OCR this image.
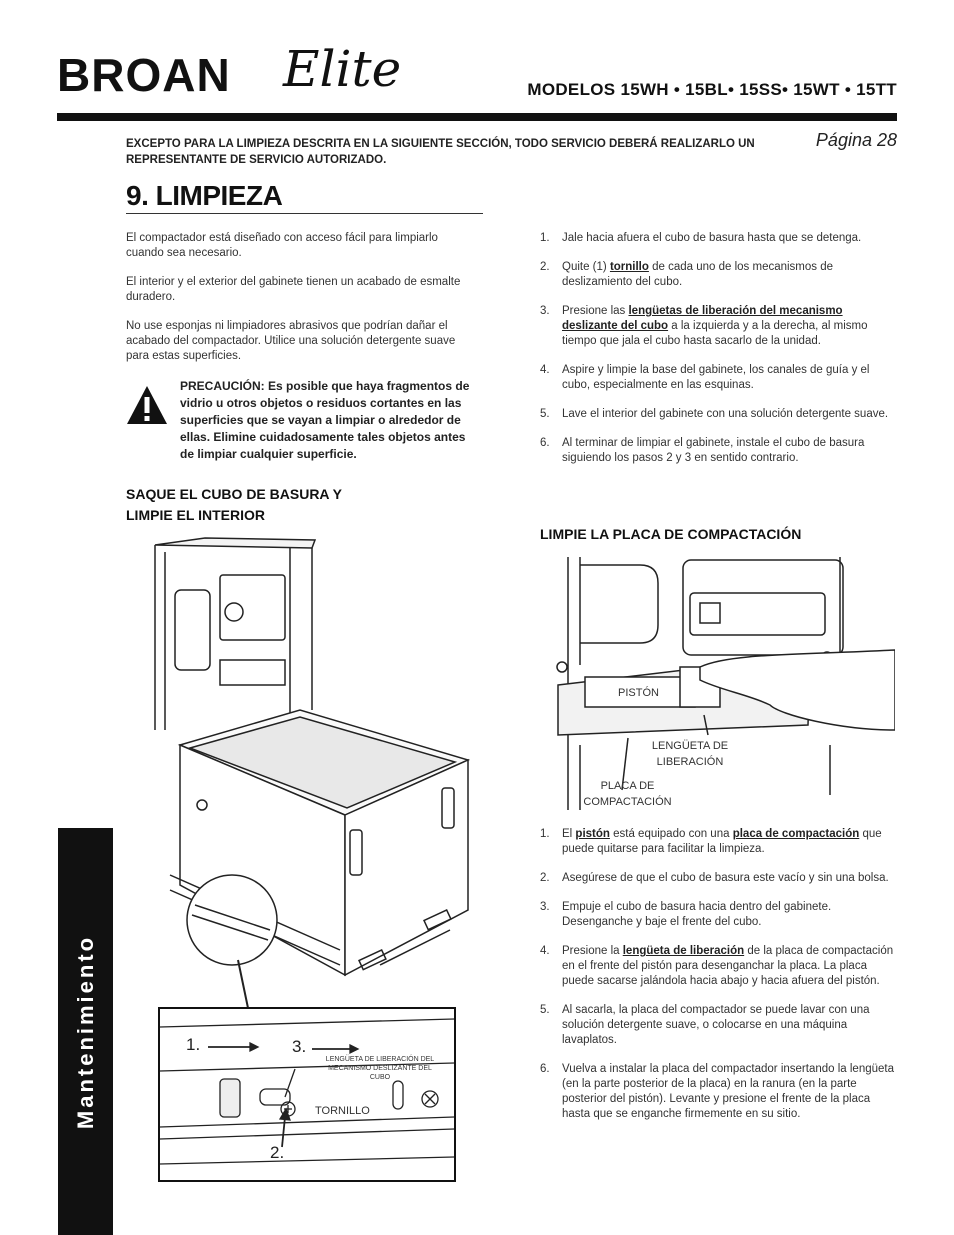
BROAN Elite	MODELOS 15WH • 15BL• 15SS• 15WT • 15TT
EXCEPTO PARA LA LIMPIEZA DESCRITA EN LA SIGUIENTE SECCIÓN, TODO SERVICIO DEBERÁ REALIZARLO UN REPRESENTANTE DE SERVICIO AUTORIZADO.
Página 28
9. LIMPIEZA
El compactador está diseñado con acceso fácil para limpiarlo cuando sea necesario.
El interior y el exterior del gabinete tienen un acabado de esmalte duradero.
No use esponjas ni limpiadores abrasivos que podrían dañar el acabado del compactador. Utilice una solución detergente suave para estas superficies.
PRECAUCIÓN: Es posible que haya fragmentos de vidrio u otros objetos o residuos cortantes en las superficies que se vayan a limpiar o alrededor de ellas. Elimine cuidadosamente tales objetos antes de limpiar cualquier superficie.
SAQUE EL CUBO DE BASURA Y LIMPIE EL INTERIOR
1. Jale hacia afuera el cubo de basura hasta que se detenga.
2. Quite (1) tornillo de cada uno de los mecanismos de deslizamiento del cubo.
3. Presione las lengüetas de liberación del mecanismo deslizante del cubo a la izquierda y a la derecha, al mismo tiempo que jala el cubo hasta sacarlo de la unidad.
4. Aspire y limpie la base del gabinete, los canales de guía y el cubo, especialmente en las esquinas.
5. Lave el interior del gabinete con una solución detergente suave.
6. Al terminar de limpiar el gabinete, instale el cubo de basura siguiendo los pasos 2 y 3 en sentido contrario.
LIMPIE LA PLACA DE COMPACTACIÓN
1.	3.
2.
LENGÜETA DE LIBERACIÓN DEL MECANISMO DESLIZANTE DEL CUBO
TORNILLO
PISTÓN
LENGÜETA DE LIBERACIÓN
PLACA DE COMPACTACIÓN
1. El pistón está equipado con una placa de compactación que puede quitarse para facilitar la limpieza.
2. Asegúrese de que el cubo de basura este vacío y sin una bolsa.
3. Empuje el cubo de basura hacia dentro del gabinete. Desenganche y baje el frente del cubo.
4. Presione la lengüeta de liberación de la placa de compactación en el frente del pistón para desenganchar la placa. La placa puede sacarse jalándola hacia abajo y hacia afuera del pistón.
5. Al sacarla, la placa del compactador se puede lavar con una solución detergente suave, o colocarse en una máquina lavaplatos.
6. Vuelva a instalar la placa del compactador insertando la lengüeta (en la parte posterior de la placa) en la ranura (en la parte posterior del pistón). Levante y presione el frente de la placa hasta que se enganche firmemente en su sitio.
Mantenimiento
